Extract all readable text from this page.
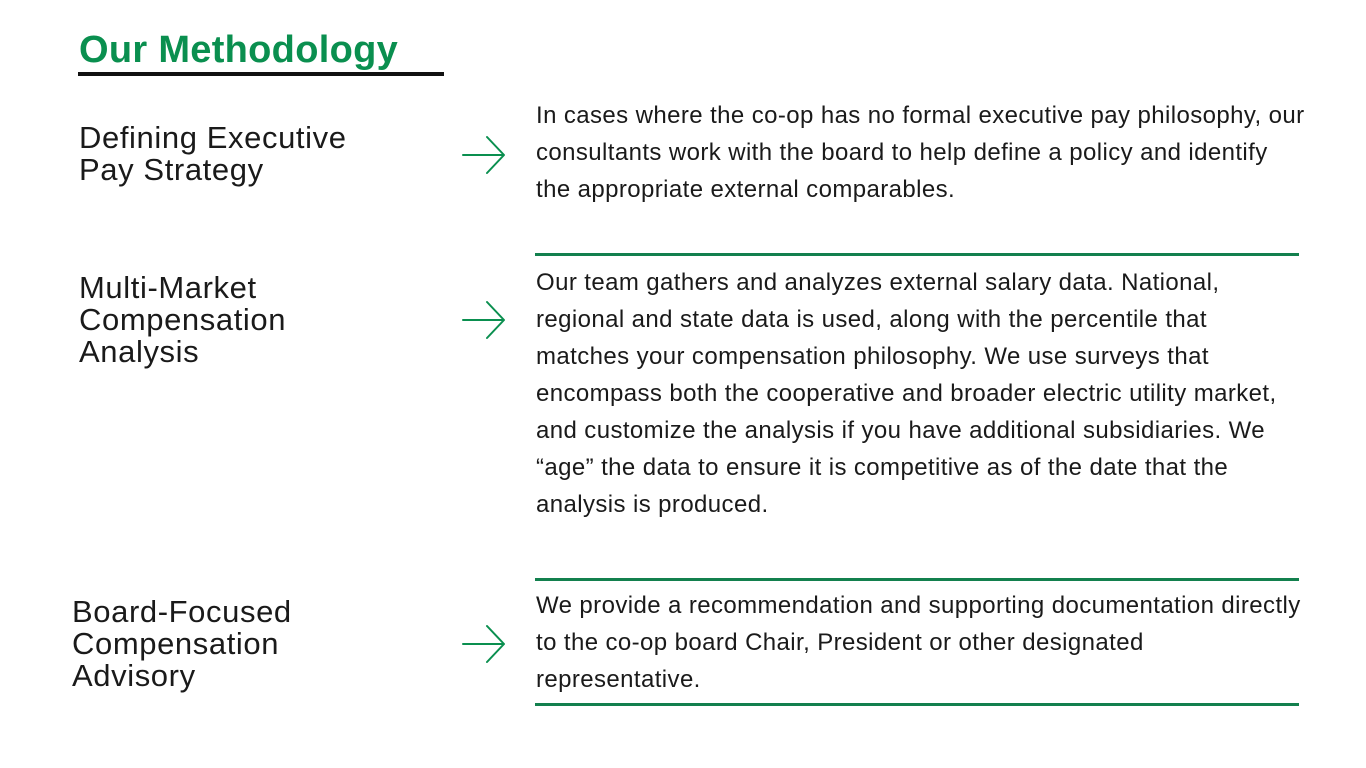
Our Methodology
Defining Executive
Pay Strategy

In cases where the co-op has no formal executive pay philosophy, our consultants work with the board to help define a policy and identify the appropriate external comparables.

Multi-Market
Compensation
Analysis

Our team gathers and analyzes external salary data. National, regional and state data is used, along with the percentile that matches your compensation philosophy. We use surveys that encompass both the cooperative and broader electric utility market, and customize the analysis if you have additional subsidiaries. We “age” the data to ensure it is competitive as of the date that the analysis is produced.

Board-Focused
Compensation
Advisory

We provide a recommendation and supporting documentation directly to the co-op board Chair, President or other designated representative.
